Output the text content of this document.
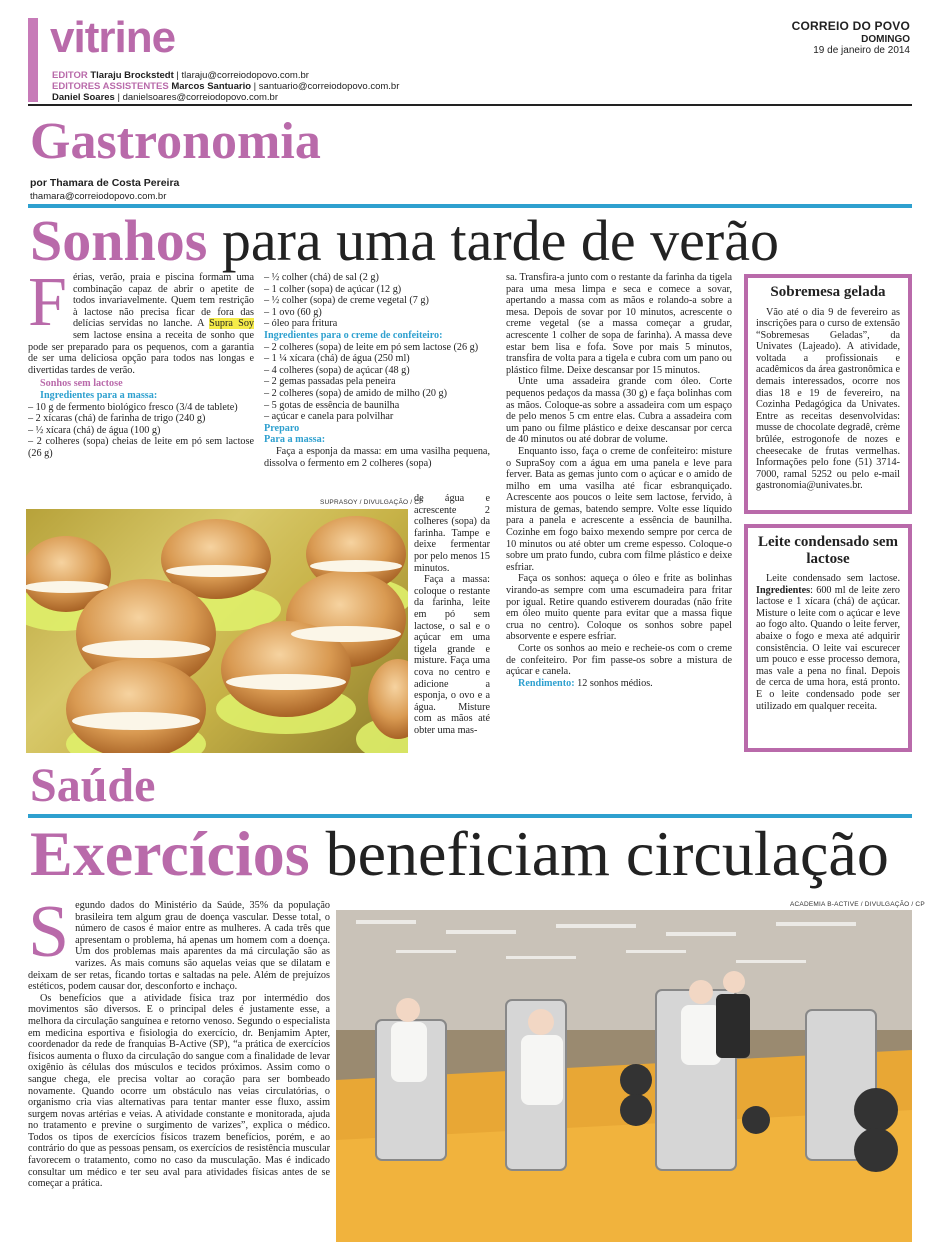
vitrine
EDITOR Tlaraju Brockstedt | tlaraju@correiodopovo.com.br
EDITORES ASSISTENTES Marcos Santuario | santuario@correiodopovo.com.br
Daniel Soares | danielsoares@correiodopovo.com.br
CORREIO DO POVO
DOMINGO
19 de janeiro de 2014
Gastronomia
por Thamara de Costa Pereira
thamara@correiodopovo.com.br
Sonhos para uma tarde de verão
F érias, verão, praia e piscina formam uma combinação capaz de abrir o apetite de todos invariavelmente. Quem tem restrição à lactose não precisa ficar de fora das delícias servidas no lanche. A Supra Soy sem lactose ensina a receita de sonho que pode ser preparado para os pequenos, com a garantia de ser uma deliciosa opção para todos nas longas e divertidas tardes de verão.

Sonhos sem lactose

Ingredientes para a massa:

– 10 g de fermento biológico fresco (3/4 de tablete)

– 2 xícaras (chá) de farinha de trigo (240 g)

– ½ xícara (chá) de água (100 g)

– 2 colheres (sopa) cheias de leite em pó sem lactose (26 g)

– ½ colher (chá) de sal (2 g)

– 1 colher (sopa) de açúcar (12 g)

– ½ colher (sopa) de creme vegetal (7 g)

– 1 ovo (60 g)

– óleo para fritura

Ingredientes para o creme de confeiteiro:

– 2 colheres (sopa) de leite em pó sem lactose (26 g)

– 1 ¼ xícara (chá) de água (250 ml)

– 4 colheres (sopa) de açúcar (48 g)

– 2 gemas passadas pela peneira

– 2 colheres (sopa) de amido de milho (20 g)

– 5 gotas de essência de baunilha

– açúcar e canela para polvilhar

Preparo

Para a massa:

Faça a esponja da massa: em uma vasilha pequena, dissolva o fermento em 2 colheres (sopa)

SUPRASOY / DIVULGAÇÃO / CP

de água e acrescente 2 colheres (sopa) da farinha. Tampe e deixe fermentar por pelo menos 15 minutos.

Faça a massa: coloque o restante da farinha, leite em pó sem lactose, o sal e o açúcar em uma tigela grande e misture. Faça uma cova no centro e adicione a esponja, o ovo e a água. Misture com as mãos até obter uma mas-

sa. Transfira-a junto com o restante da farinha da tigela para uma mesa limpa e seca e comece a sovar, apertando a massa com as mãos e rolando-a sobre a mesa. Depois de sovar por 10 minutos, acrescente o creme vegetal (se a massa começar a grudar, acrescente 1 colher de sopa de farinha). A massa deve estar bem lisa e fofa. Sove por mais 5 minutos, transfira de volta para a tigela e cubra com um pano ou plástico filme. Deixe descansar por 15 minutos.

Unte uma assadeira grande com óleo. Corte pequenos pedaços da massa (30 g) e faça bolinhas com as mãos. Coloque-as sobre a assadeira com um espaço de pelo menos 5 cm entre elas. Cubra a assadeira com um pano ou filme plástico e deixe descansar por cerca de 40 minutos ou até dobrar de volume.

Enquanto isso, faça o creme de confeiteiro: misture o SupraSoy com a água em uma panela e leve para ferver. Bata as gemas junto com o açúcar e o amido de milho em uma vasilha até ficar esbranquiçado. Acrescente aos poucos o leite sem lactose, fervido, à mistura de gemas, batendo sempre. Volte esse líquido para a panela e acrescente a essência de baunilha. Cozinhe em fogo baixo mexendo sempre por cerca de 10 minutos ou até obter um creme espesso. Coloque-o sobre um prato fundo, cubra com filme plástico e deixe esfriar.

Faça os sonhos: aqueça o óleo e frite as bolinhas virando-as sempre com uma escumadeira para fritar por igual. Retire quando estiverem douradas (não frite em óleo muito quente para evitar que a massa fique crua no centro). Coloque os sonhos sobre papel absorvente e espere esfriar.

Corte os sonhos ao meio e recheie-os com o creme de confeiteiro. Por fim passe-os sobre a mistura de açúcar e canela.

Rendimento: 12 sonhos médios.

Sobremesa gelada

Vão até o dia 9 de fevereiro as inscrições para o curso de extensão “Sobremesas Geladas”, da Univates (Lajeado). A atividade, voltada a profissionais e acadêmicos da área gastronômica e demais interessados, ocorre nos dias 18 e 19 de fevereiro, na Cozinha Pedagógica da Univates. Entre as receitas desenvolvidas: musse de chocolate degradê, crème brûlée, estrogonofe de nozes e cheesecake de frutas vermelhas. Informações pelo fone (51) 3714-7000, ramal 5252 ou pelo e-mail gastronomia@univates.br.

Leite condensado sem lactose

Leite condensado sem lactose. Ingredientes: 600 ml de leite zero lactose e 1 xícara (chá) de açúcar. Misture o leite com o açúcar e leve ao fogo alto. Quando o leite ferver, abaixe o fogo e mexa até adquirir consistência. O leite vai escurecer um pouco e esse processo demora, mas vale a pena no final. Depois de cerca de uma hora, está pronto. E o leite condensado pode ser utilizado em qualquer receita.

Saúde
Exercícios beneficiam circulação
S egundo dados do Ministério da Saúde, 35% da população brasileira tem algum grau de doença vascular. Desse total, o número de casos é maior entre as mulheres. A cada três que apresentam o problema, há apenas um homem com a doença. Um dos problemas mais aparentes da má circulação são as varizes. As mais comuns são aquelas veias que se dilatam e deixam de ser retas, ficando tortas e saltadas na pele. Além de prejuízos estéticos, podem causar dor, desconforto e inchaço.

Os benefícios que a atividade física traz por intermédio dos movimentos são diversos. E o principal deles é justamente esse, a melhora da circulação sanguínea e retorno venoso. Segundo o especialista em medicina esportiva e fisiologia do exercício, dr. Benjamim Apter, coordenador da rede de franquias B-Active (SP), “a prática de exercícios físicos aumenta o fluxo da circulação do sangue com a finalidade de levar oxigênio às células dos músculos e tecidos próximos. Assim como o sangue chega, ele precisa voltar ao coração para ser bombeado novamente. Quando ocorre um obstáculo nas veias circulatórias, o organismo cria vias alternativas para tentar manter esse fluxo, assim surgem novas artérias e veias. A atividade constante e monitorada, ajuda no tratamento e previne o surgimento de varizes”, explica o médico. Todos os tipos de exercícios físicos trazem benefícios, porém, e ao contrário do que as pessoas pensam, os exercícios de resistência muscular favorecem o tratamento, como no caso da musculação. Mas é indicado consultar um médico e ter seu aval para atividades físicas antes de se começar a prática.

ACADEMIA B-ACTIVE / DIVULGAÇÃO / CP
